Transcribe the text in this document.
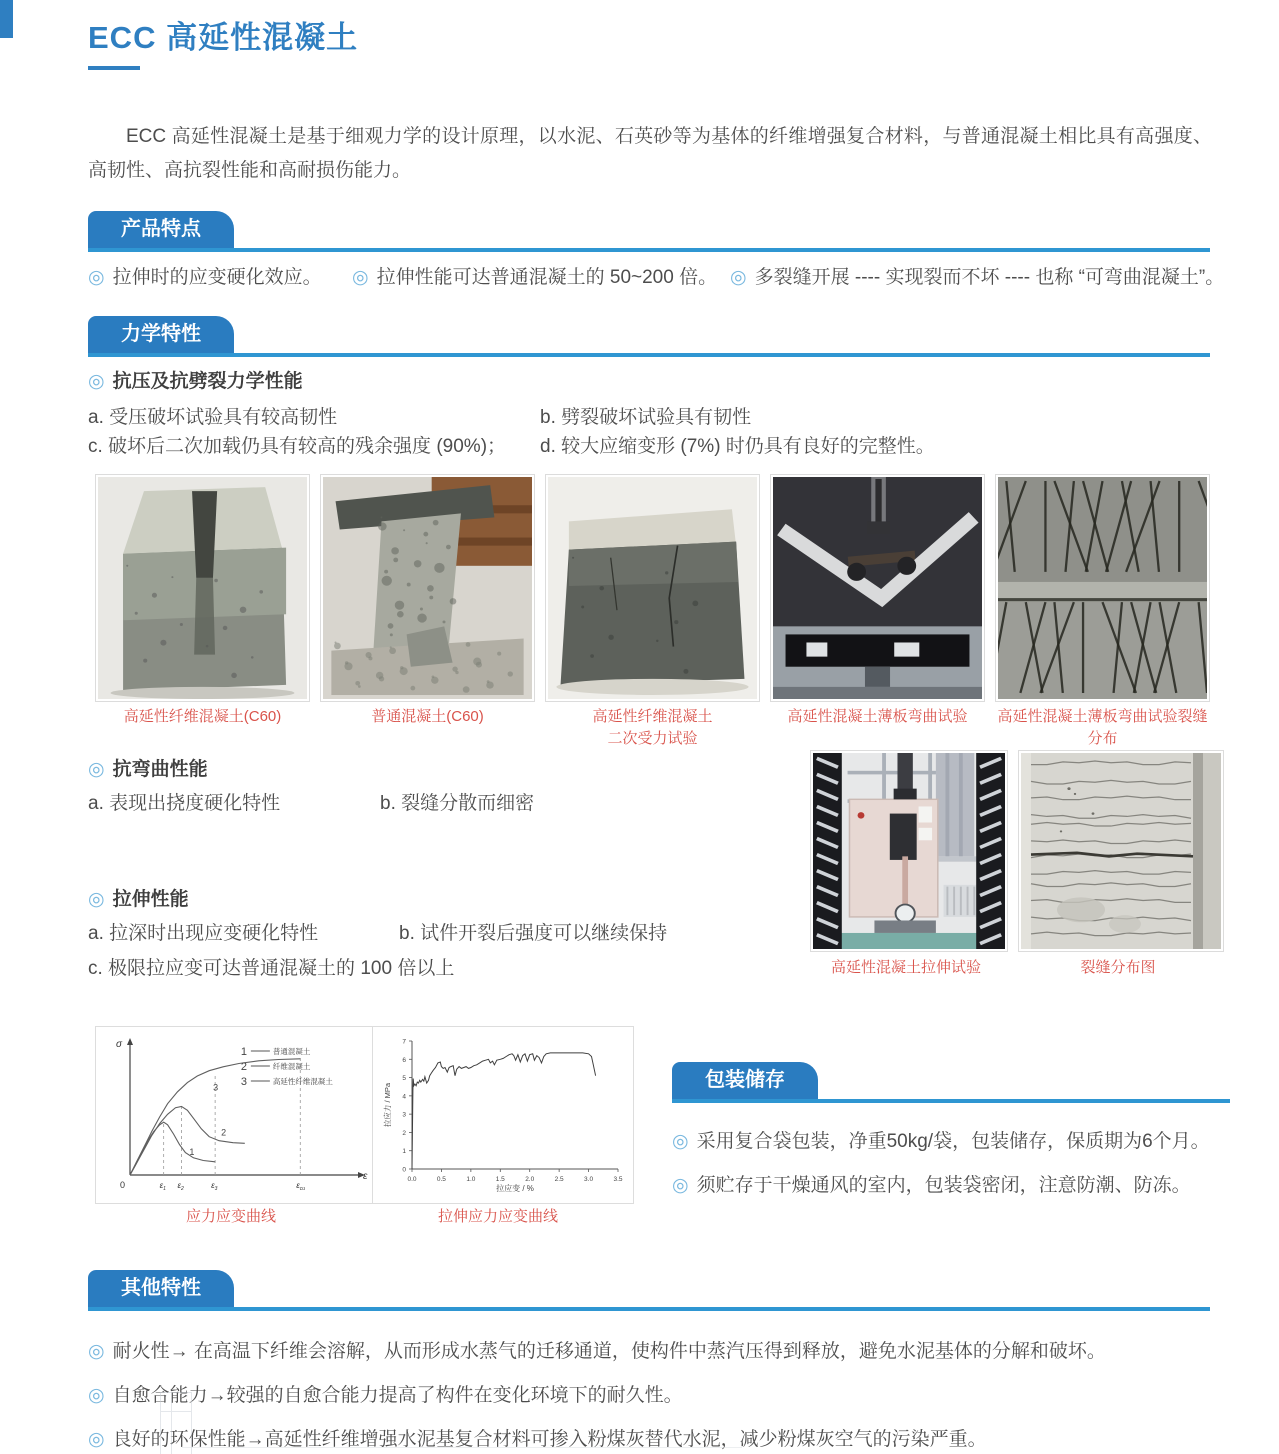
ECC 高延性混凝土
ECC 高延性混凝土是基于细观力学的设计原理，以水泥、石英砂等为基体的纤维增强复合材料，与普通混凝土相比具有高强度、高韧性、高抗裂性能和高耐损伤能力。
产品特点
◎ 拉伸时的应变硬化效应。 ◎ 拉伸性能可达普通混凝土的 50~200 倍。 ◎ 多裂缝开展 ---- 实现裂而不坏 ---- 也称 “可弯曲混凝土”。
力学特性
◎ 抗压及抗劈裂力学性能
a. 受压破坏试验具有较高韧性	b. 劈裂破坏试验具有韧性
c. 破坏后二次加载仍具有较高的残余强度 (90%)； d. 较大应缩变形 (7%) 时仍具有良好的完整性。
高延性纤维混凝土(C60)	普通混凝土(C60)	高延性纤维混凝土
二次受力试验
高延性混凝土薄板弯曲试验	高延性混凝土薄板弯曲试验裂缝分布
◎ 抗弯曲性能
a. 表现出挠度硬化特性	b. 裂缝分散而细密
高延性混凝土拉伸试验	裂缝分布图
◎ 拉伸性能
a. 拉深时出现应变硬化特性	b. 试件开裂后强度可以继续保持
c. 极限拉应变可达普通混凝土的 100 倍以上
σ
ε
0	$\varepsilon_1$ $\varepsilon_2$	$\varepsilon_3$	$\varepsilon_{cu}$
1
2
3
1	普通混凝土
2	纤维混凝土
3	高延性纤维混凝土
应力应变曲线
0.0	0.5	1.0	1.5	2.0	2.5	3.0	3.5
0
1
2
3
4
5
6
7
拉应变 / %
拉应力 / MPa
拉伸应力应变曲线
包装储存
◎ 采用复合袋包装，净重50kg/袋，包装储存，保质期为6个月。
◎ 须贮存于干燥通风的室内，包装袋密闭，注意防潮、防冻。
其他特性
◎ 耐火性→ 在高温下纤维会溶解，从而形成水蒸气的迁移通道，使构件中蒸汽压得到释放，避免水泥基体的分解和破坏。
◎ 自愈合能力→较强的自愈合能力提高了构件在变化环境下的耐久性。
◎ 良好的环保性能→高延性纤维增强水泥基复合材料可掺入粉煤灰替代水泥，减少粉煤灰空气的污染严重。
